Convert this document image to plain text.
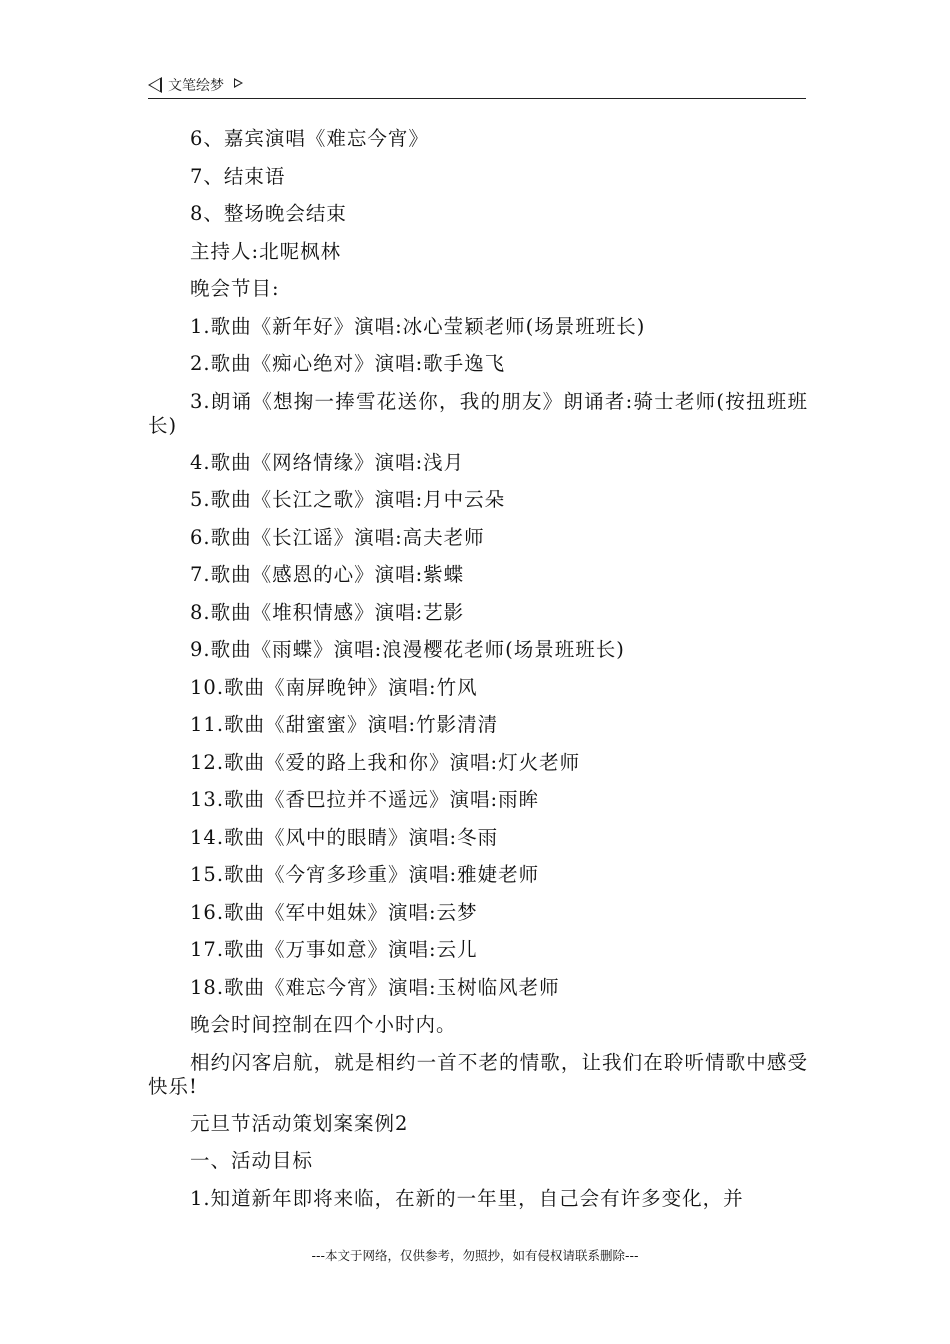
文笔绘梦
6、嘉宾演唱《难忘今宵》
7、结束语
8、整场晚会结束
主持人:北呢枫林
晚会节目:
1.歌曲《新年好》演唱:冰心莹颖老师(场景班班长)
2.歌曲《痴心绝对》演唱:歌手逸飞
3.朗诵《想掬一捧雪花送你，我的朋友》朗诵者:骑士老师(按扭班班长)
4.歌曲《网络情缘》演唱:浅月
5.歌曲《长江之歌》演唱:月中云朵
6.歌曲《长江谣》演唱:高夫老师
7.歌曲《感恩的心》演唱:紫蝶
8.歌曲《堆积情感》演唱:艺影
9.歌曲《雨蝶》演唱:浪漫樱花老师(场景班班长)
10.歌曲《南屏晚钟》演唱:竹风
11.歌曲《甜蜜蜜》演唱:竹影清清
12.歌曲《爱的路上我和你》演唱:灯火老师
13.歌曲《香巴拉并不遥远》演唱:雨眸
14.歌曲《风中的眼睛》演唱:冬雨
15.歌曲《今宵多珍重》演唱:雅婕老师
16.歌曲《军中姐妹》演唱:云梦
17.歌曲《万事如意》演唱:云儿
18.歌曲《难忘今宵》演唱:玉树临风老师
晚会时间控制在四个小时内。
相约闪客启航，就是相约一首不老的情歌，让我们在聆听情歌中感受快乐!
元旦节活动策划案案例2
一、活动目标
1.知道新年即将来临，在新的一年里，自己会有许多变化，并
---本文于网络，仅供参考，勿照抄，如有侵权请联系删除---
